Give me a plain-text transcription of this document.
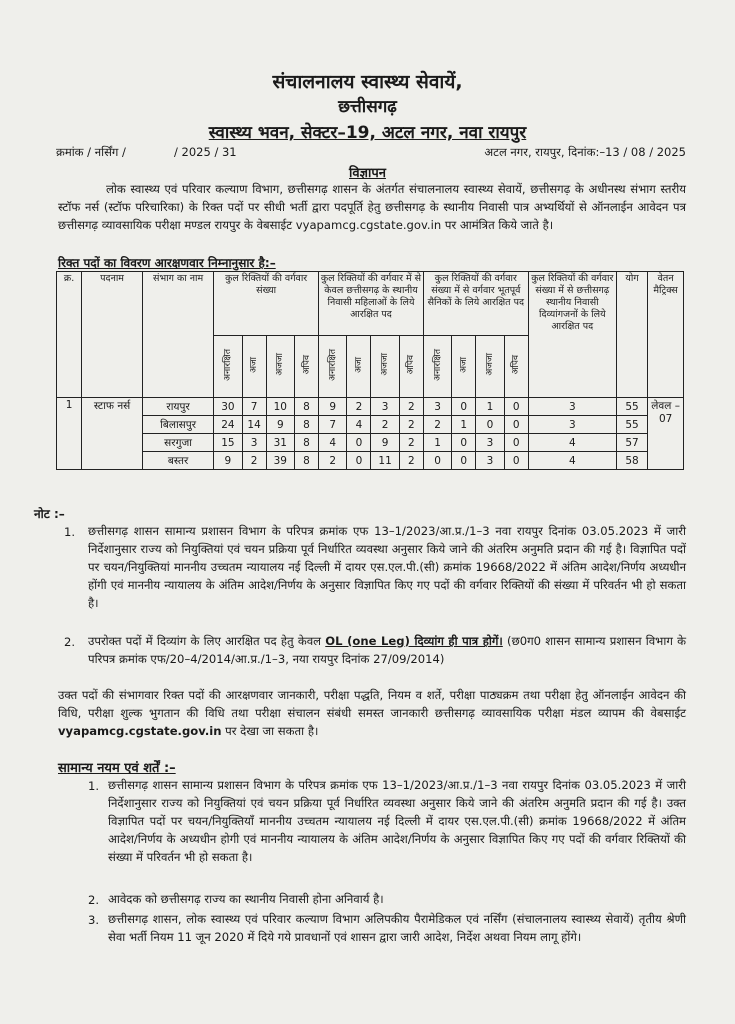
संचालनालय स्वास्थ्य सेवायें,
छत्तीसगढ़
स्वास्थ्य भवन, सेक्टर–19, अटल नगर, नवा रायपुर
क्रमांक / नर्सिंग /	/ 2025 / 31	अटल नगर, रायपुर, दिनांक:–13 / 08 / 2025
विज्ञापन
लोक स्वास्थ्य एवं परिवार कल्याण विभाग, छत्तीसगढ़ शासन के अंतर्गत संचालनालय स्वास्थ्य सेवायें, छत्तीसगढ़ के अधीनस्थ संभाग स्तरीय स्टॉफ नर्स (स्टॉफ परिचारिका) के रिक्त पदों पर सीधी भर्ती द्वारा पदपूर्ति हेतु छत्तीसगढ़ के स्थानीय निवासी पात्र अभ्यर्थियों से ऑनलाईन आवेदन पत्र छत्तीसगढ़ व्यावसायिक परीक्षा मण्डल रायपुर के वेबसाईट vyapamcg.cgstate.gov.in पर आमंत्रित किये जाते है।
रिक्त पदों का विवरण आरक्षणवार निम्नानुसार है:–
क्र.	पदनाम	संभाग का नाम	कुल रिक्तियों की वर्गवार संख्या				कुल रिक्तियों की वर्गवार में से केवल छत्तीसगढ़ के स्थानीय निवासी महिलाओं के लिये आरक्षित पद				कुल रिक्तियों की वर्गवार संख्या में से वर्गवार भूतपूर्व सैनिकों के लिये आरक्षित पद				कुल रिक्तियों की वर्गवार संख्या में से छत्तीसगढ़ स्थानीय निवासी दिव्यांगजनों के लिये आरक्षित पद	योग	वेतन मैट्रिक्स
			अनारक्षित	अजा	अजजा	अपिव	अनारक्षित	अजा	अजजा	अपिव	अनारक्षित	अजा	अजजा	अपिव			
1	स्टाफ नर्स	रायपुर	30	7	10	8	9	2	3	2	3	0	1	0	3	55	लेवल –07
		बिलासपुर	24	14	9	8	7	4	2	2	2	1	0	0	3	55	
		सरगुजा	15	3	31	8	4	0	9	2	1	0	3	0	4	57	
		बस्तर	9	2	39	8	2	0	11	2	0	0	3	0	4	58	
नोट :–
1. छत्तीसगढ़ शासन सामान्य प्रशासन विभाग के परिपत्र क्रमांक एफ 13–1/2023/आ.प्र./1–3 नवा रायपुर दिनांक 03.05.2023 में जारी निर्देशानुसार राज्य को नियुक्तियां एवं चयन प्रक्रिया पूर्व निर्धारित व्यवस्था अनुसार किये जाने की अंतरिम अनुमति प्रदान की गई है। विज्ञापित पदों पर चयन/नियुक्तियां माननीय उच्चतम न्यायालय नई दिल्ली में दायर एस.एल.पी.(सी) क्रमांक 19668/2022 में अंतिम आदेश/निर्णय अध्यधीन होंगी एवं माननीय न्यायालय के अंतिम आदेश/निर्णय के अनुसार विज्ञापित किए गए पदों की वर्गवार रिक्तियों की संख्या में परिवर्तन भी हो सकता है।
2. उपरोक्त पदों में दिव्यांग के लिए आरक्षित पद हेतु केवल OL (one Leg) दिव्यांग ही पात्र होगें। (छ0ग0 शासन सामान्य प्रशासन विभाग के परिपत्र क्रमांक एफ/20–4/2014/आ.प्र./1–3, नया रायपुर दिनांक 27/09/2014)
उक्त पदों की संभागवार रिक्त पदों की आरक्षणवार जानकारी, परीक्षा पद्धति, नियम व शर्ते, परीक्षा पाठ्यक्रम तथा परीक्षा हेतु ऑनलाईन आवेदन की विधि, परीक्षा शुल्क भुगतान की विधि तथा परीक्षा संचालन संबंधी समस्त जानकारी छत्तीसगढ़ व्यावसायिक परीक्षा मंडल व्यापम की वेबसाईट vyapamcg.cgstate.gov.in पर देखा जा सकता है।
सामान्य नयम एवं शर्तें :–
1. छत्तीसगढ़ शासन सामान्य प्रशासन विभाग के परिपत्र क्रमांक एफ 13–1/2023/आ.प्र./1–3 नवा रायपुर दिनांक 03.05.2023 में जारी निर्देशानुसार राज्य को नियुक्तियां एवं चयन प्रक्रिया पूर्व निर्धारित व्यवस्था अनुसार किये जाने की अंतरिम अनुमति प्रदान की गई है। उक्त विज्ञापित पदों पर चयन/नियुक्तियाँ माननीय उच्चतम न्यायालय नई दिल्ली में दायर एस.एल.पी.(सी) क्रमांक 19668/2022 में अंतिम आदेश/निर्णय के अध्यधीन होगी एवं माननीय न्यायालय के अंतिम आदेश/निर्णय के अनुसार विज्ञापित किए गए पदों की वर्गवार रिक्तियों की संख्या में परिवर्तन भी हो सकता है।
2. आवेदक को छत्तीसगढ़ राज्य का स्थानीय निवासी होना अनिवार्य है।
3. छत्तीसगढ़ शासन, लोक स्वास्थ्य एवं परिवार कल्याण विभाग अलिपकीय पैरामेडिकल एवं नर्सिंग (संचालनालय स्वास्थ्य सेवायें) तृतीय श्रेणी सेवा भर्ती नियम 11 जून 2020 में दिये गये प्रावधानों एवं शासन द्वारा जारी आदेश, निर्देश अथवा नियम लागू होंगे।
